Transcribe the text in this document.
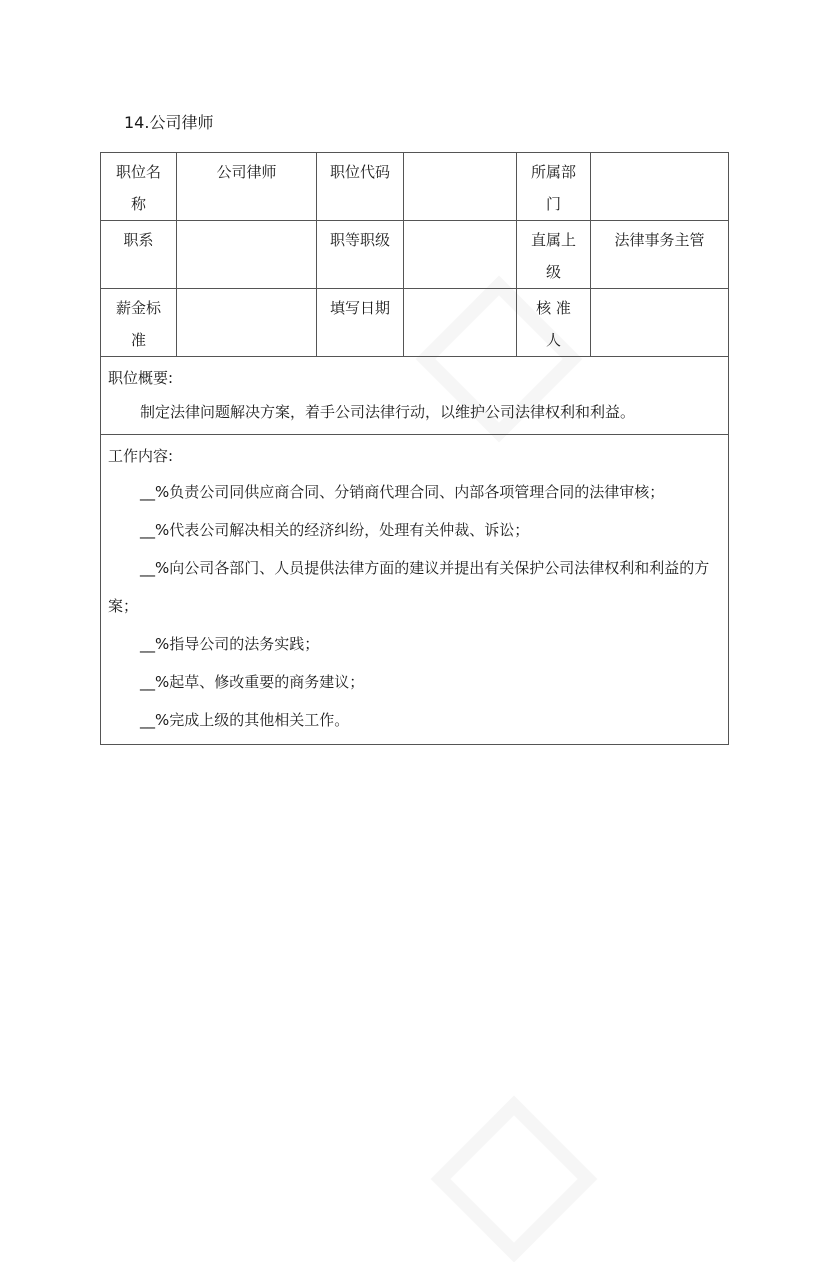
14.公司律师
职位名称	公司律师	职位代码		所属部门	

职系		职等职级		直属上级	法律事务主管

薪金标准		填写日期		核 准人	

职位概要:
制定法律问题解决方案，着手公司法律行动，以维护公司法律权利和利益。					

工作内容:
__%负责公司同供应商合同、分销商代理合同、内部各项管理合同的法律审核；
__%代表公司解决相关的经济纠纷，处理有关仲裁、诉讼；
__%向公司各部门、人员提供法律方面的建议并提出有关保护公司法律权利和利益的方案；
__%指导公司的法务实践；
__%起草、修改重要的商务建议；
__%完成上级的其他相关工作。
